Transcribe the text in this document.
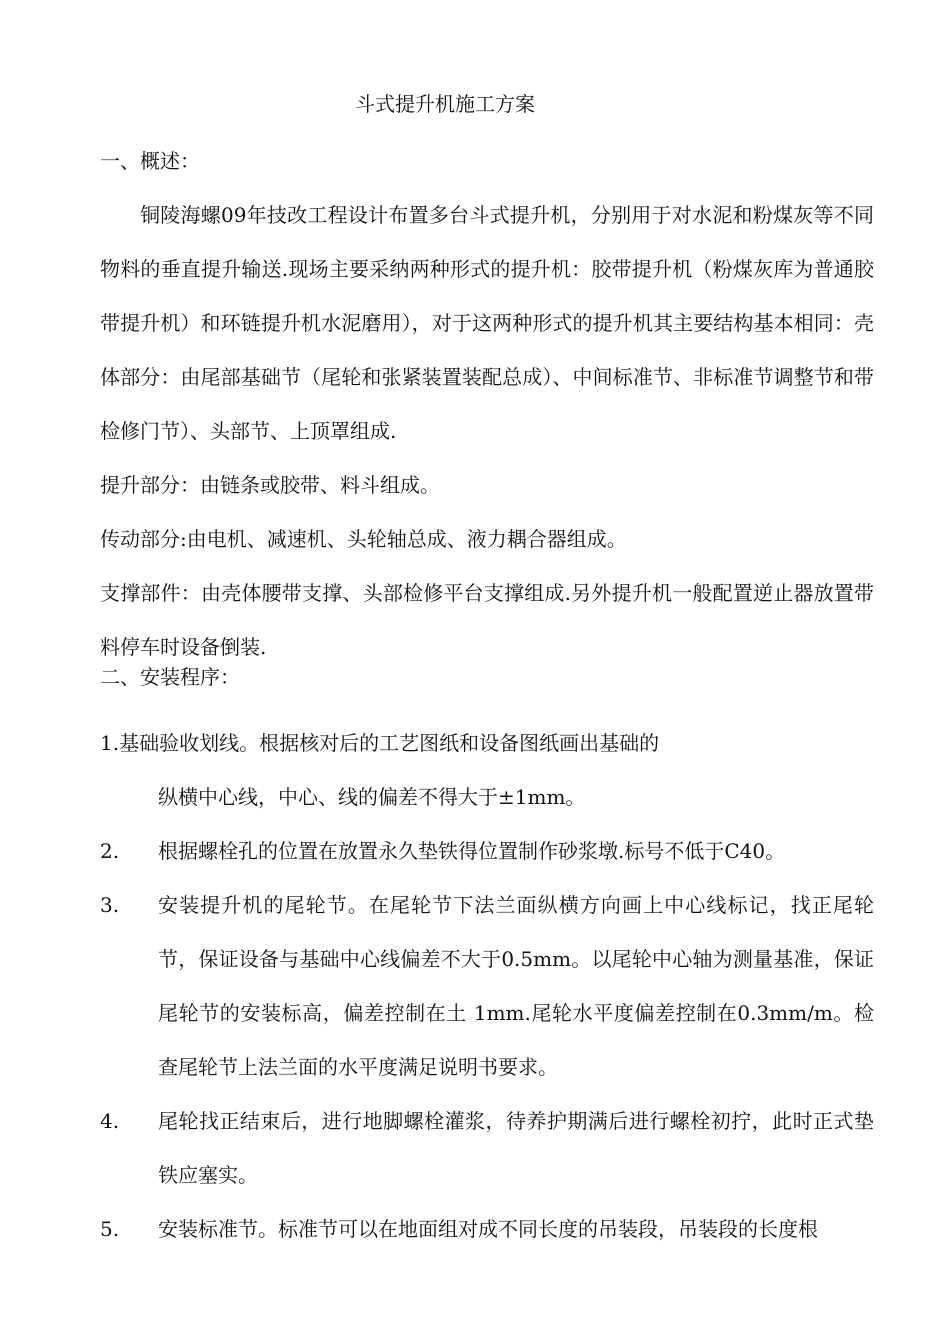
斗式提升机施工方案
一、概述：
铜陵海螺09年技改工程设计布置多台斗式提升机，分别用于对水泥和粉煤灰等不同物料的垂直提升输送.现场主要采纳两种形式的提升机：胶带提升机（粉煤灰库为普通胶带提升机）和环链提升机水泥磨用），对于这两种形式的提升机其主要结构基本相同：壳体部分：由尾部基础节（尾轮和张紧装置装配总成）、中间标准节、非标准节调整节和带检修门节）、头部节、上顶罩组成.
提升部分：由链条或胶带、料斗组成。
传动部分:由电机、减速机、头轮轴总成、液力耦合器组成。
支撑部件：由壳体腰带支撑、头部检修平台支撑组成.另外提升机一般配置逆止器放置带料停车时设备倒装.
二、安装程序：
1.基础验收划线。根据核对后的工艺图纸和设备图纸画出基础的
纵横中心线，中心、线的偏差不得大于±1mm。
2. 根据螺栓孔的位置在放置永久垫铁得位置制作砂浆墩.标号不低于C40。
3. 安装提升机的尾轮节。在尾轮节下法兰面纵横方向画上中心线标记，找正尾轮节，保证设备与基础中心线偏差不大于0.5mm。以尾轮中心轴为测量基准，保证尾轮节的安装标高，偏差控制在土 1mm.尾轮水平度偏差控制在0.3mm/m。检查尾轮节上法兰面的水平度满足说明书要求。
4. 尾轮找正结束后，进行地脚螺栓灌浆，待养护期满后进行螺栓初拧，此时正式垫铁应塞实。
5. 安装标准节。标准节可以在地面组对成不同长度的吊装段，吊装段的长度根
